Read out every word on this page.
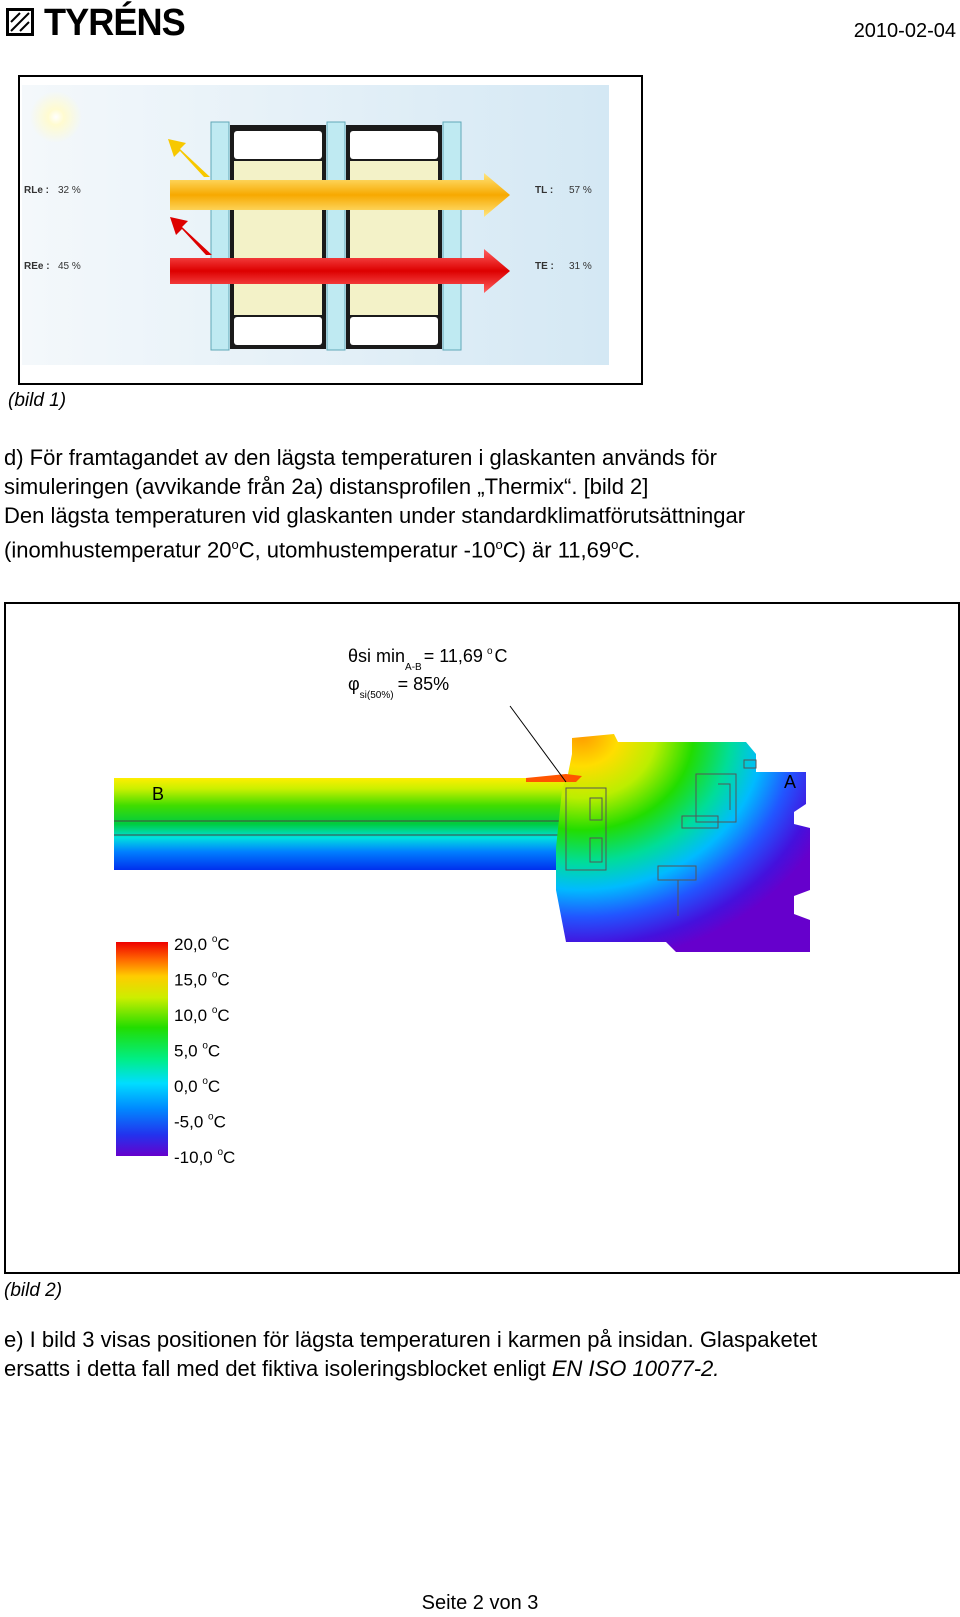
TYRÉNS	2010-02-04
RLe : 32 %
REe : 45 %
TL : 57 %
TE : 31 %
(bild 1)
d) För framtagandet av den lägsta temperaturen i glaskanten används för
simuleringen (avvikande från 2a) distansprofilen „Thermix“. [bild 2]
Den lägsta temperaturen vid glaskanten under standardklimatförutsättningar
(inomhustemperatur 20$^o$C, utomhustemperatur -10$^o$C) är 11,69$^o$C.
A
B
θsi $\min_{A-B}= 11,69$ $^o$ C
$\varphi_{si(50\%)}= 85\%$
20,0 $^o$C
15,0 $^o$C
10,0 $^o$C
5,0 $^o$C
0,0 $^o$C
-5,0 $^o$C
-10,0 $^o$C
(bild 2)
e) I bild 3 visas positionen för lägsta temperaturen i karmen på insidan. Glaspaketet
ersatts i detta fall med det fiktiva isoleringsblocket enligt EN ISO 10077-2.
Seite 2 von 3
